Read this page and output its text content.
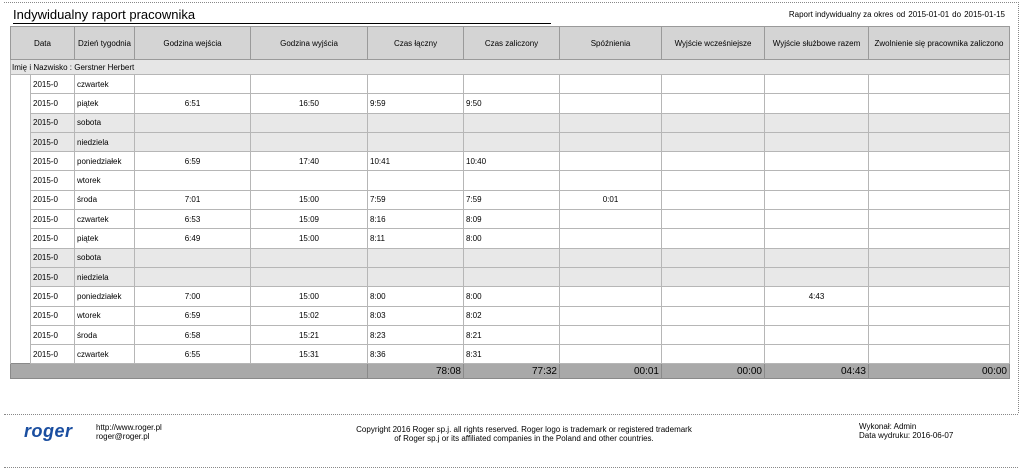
Indywidualny raport pracownika	Raport indywidualny za okres od 2015-01-01 do 2015-01-15
Data		Dzień tygodnia	Godzina wejścia	Godzina wyjścia	Czas łączny	Czas zaliczony	Spóźnienia	Wyjście wcześniejsze	Wyjście służbowe razem	Zwolnienie się pracownika zaliczono
Imię i Nazwisko : Gerstner Herbert										
	2015-0	czwartek								
	2015-0	piątek	6:51	16:50	9:59	9:50				
	2015-0	sobota								
	2015-0	niedziela								
	2015-0	poniedziałek	6:59	17:40	10:41	10:40				
	2015-0	wtorek								
	2015-0	środa	7:01	15:00	7:59	7:59	0:01			
	2015-0	czwartek	6:53	15:09	8:16	8:09				
	2015-0	piątek	6:49	15:00	8:11	8:00				
	2015-0	sobota								
	2015-0	niedziela								
	2015-0	poniedziałek	7:00	15:00	8:00	8:00			4:43	
	2015-0	wtorek	6:59	15:02	8:03	8:02				
	2015-0	środa	6:58	15:21	8:23	8:21				
	2015-0	czwartek	6:55	15:31	8:36	8:31				
					78:08	77:32	00:01	00:00	04:43	00:00
roger	http://www.roger.pl
roger@roger.pl
Copyright 2016 Roger sp.j. all rights reserved. Roger logo is trademark or registered trademark
of Roger sp.j or its affiliated companies in the Poland and other countries.
Wykonał: Admin
Data wydruku: 2016-06-07
